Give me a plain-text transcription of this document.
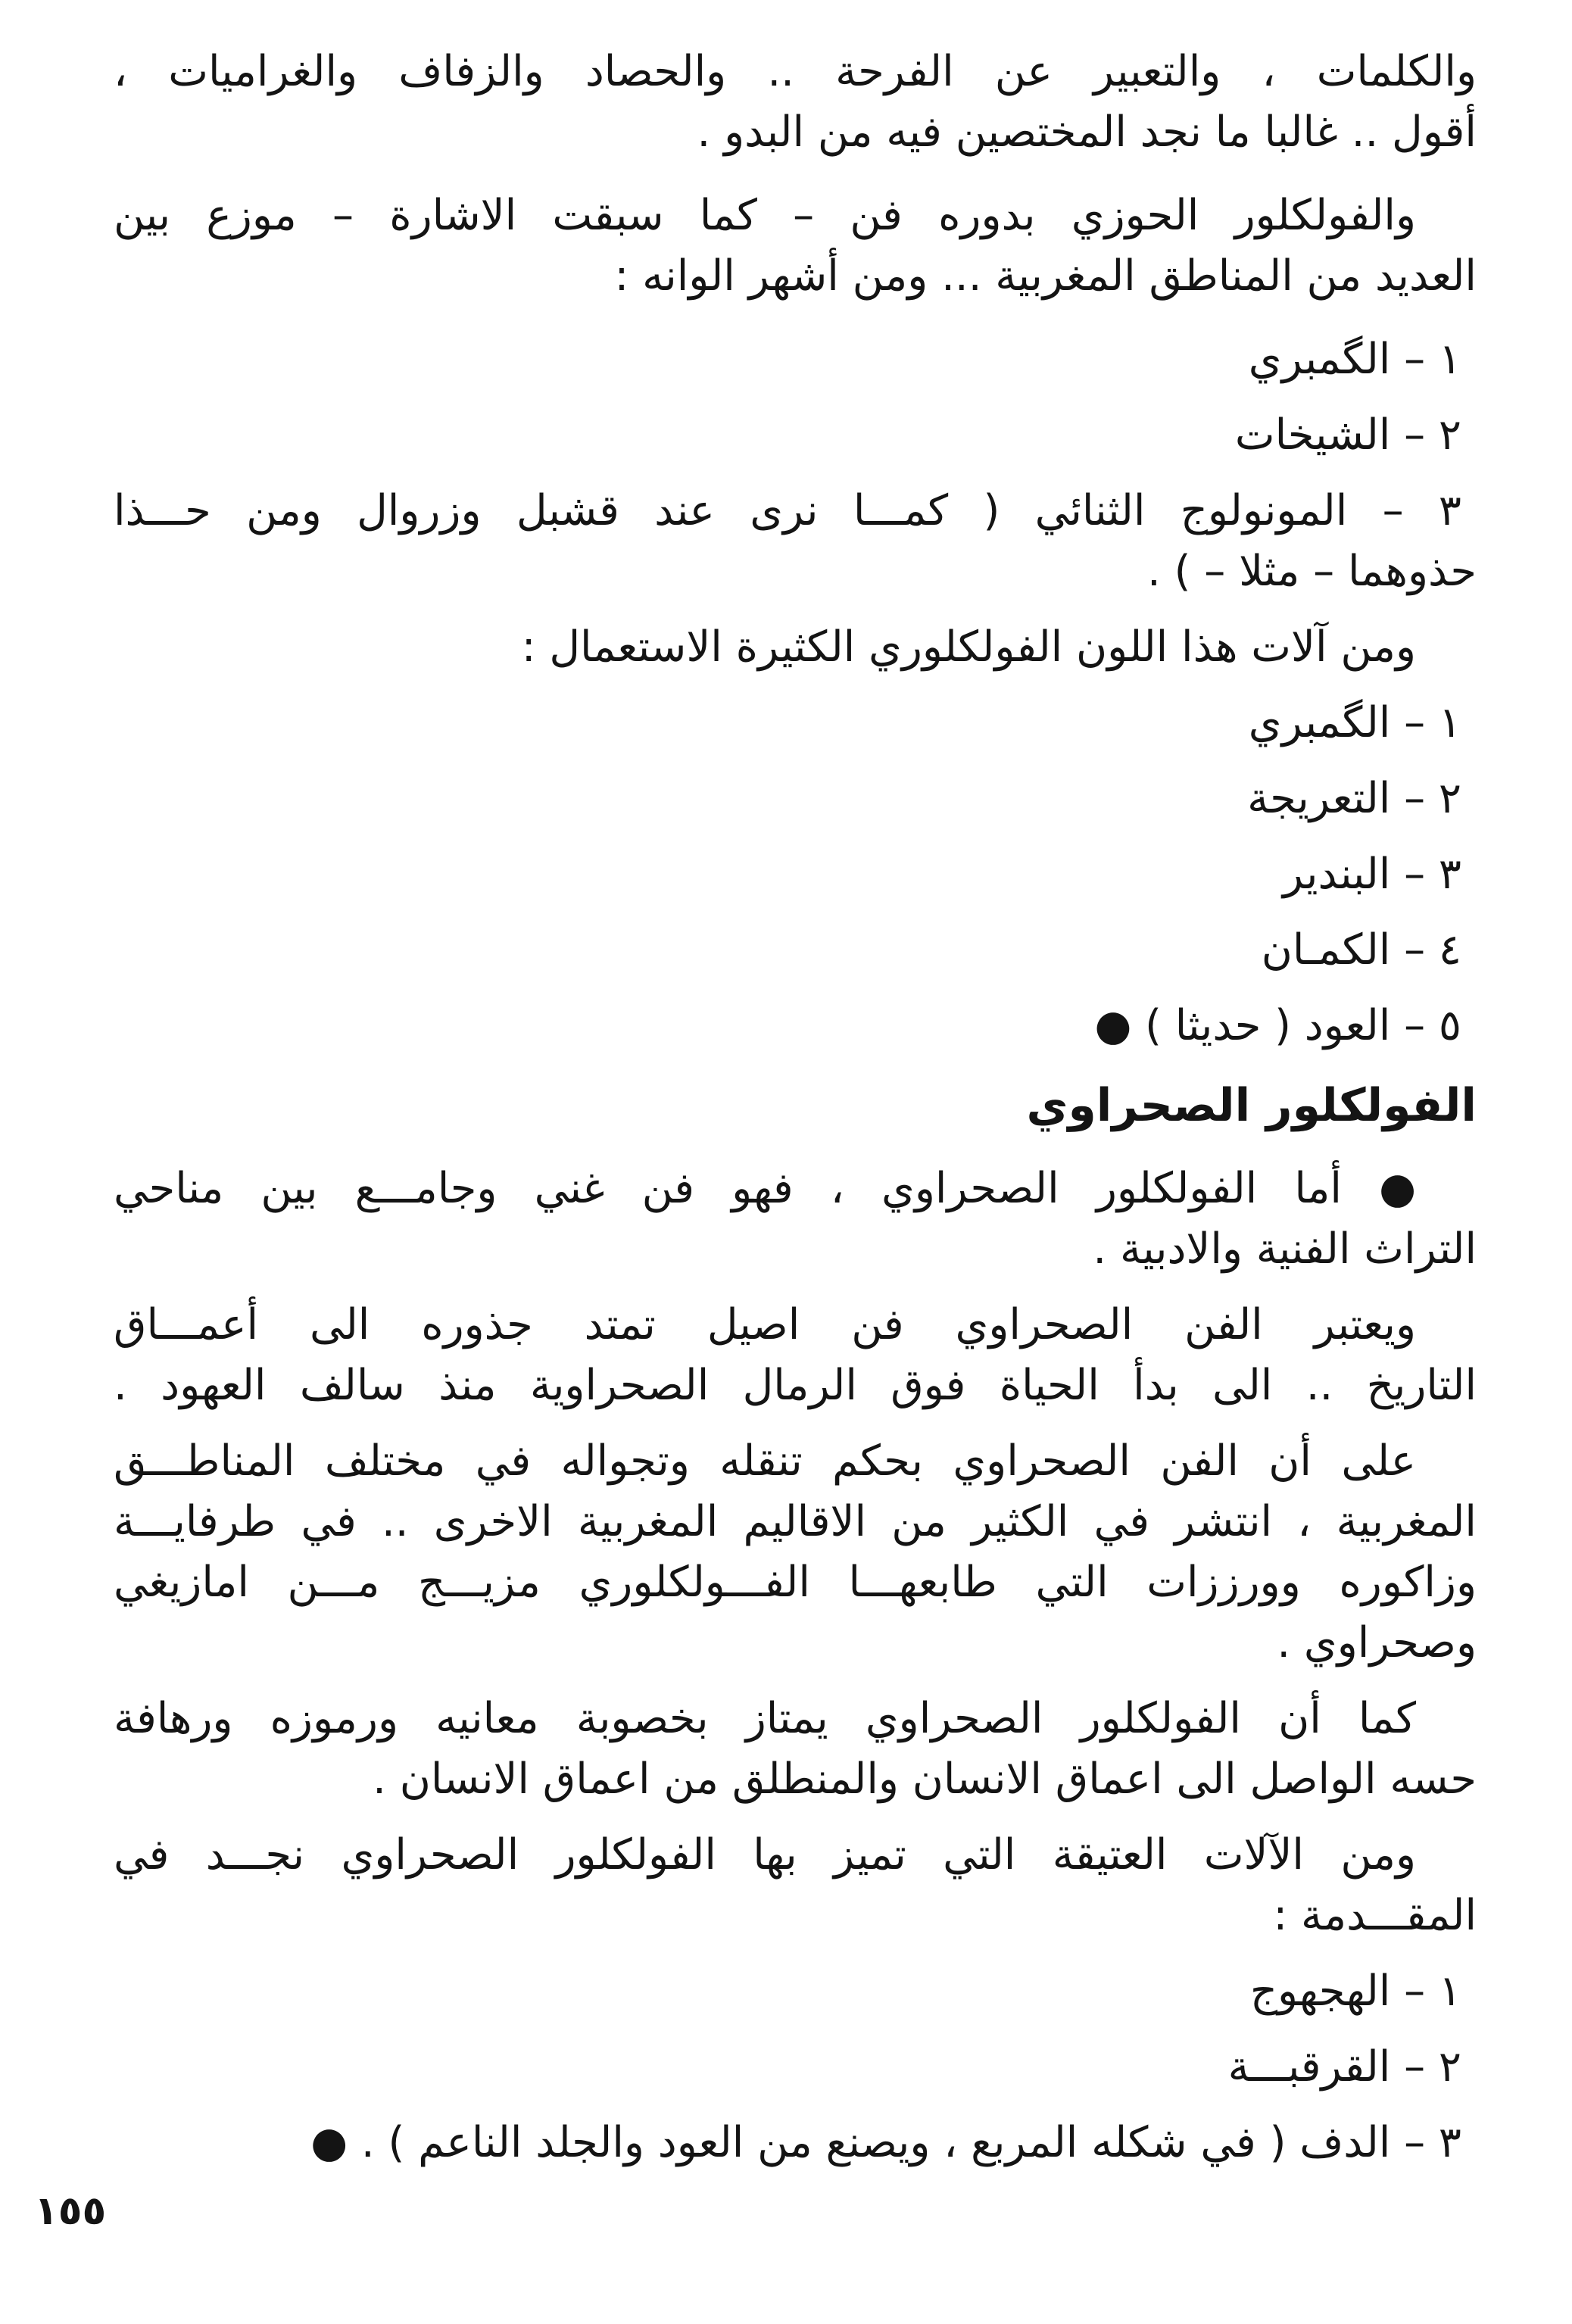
والكلمات ، والتعبير عن الفرحة .. والحصاد والزفاف والغراميات ،
أقول .. غالبا ما نجد المختصين فيه من البدو .
والفولكلور الحوزي بدوره فن – كما سبقت الاشارة – موزع بين
العديد من المناطق المغربية ... ومن أشهر الوانه :
١ – الگمبري
٢ – الشيخات
٣ – المونولوج الثنائي ( كمـــا نرى عند قشبل وزروال ومن حـــذا
حذوهما – مثلا – ) .
ومن آلات هذا اللون الفولكلوري الكثيرة الاستعمال :
١ – الگمبري
٢ – التعريجة
٣ – البندير
٤ – الكمـان
٥ – العود ( حديثا ) ●
الفولكلور الصحراوي
● أما الفولكلور الصحراوي ، فهو فن غني وجامـــع بين مناحي
التراث الفنية والادبية .
ويعتبر الفن الصحراوي فن اصيل تمتد جذوره الى أعمـــاق
التاريخ .. الى بدأ الحياة فوق الرمال الصحراوية منذ سالف العهود .
على أن الفن الصحراوي بحكم تنقله وتجواله في مختلف المناطـــق
المغربية ، انتشر في الكثير من الاقاليم المغربية الاخرى .. في طرفايـــة
وزاكوره وورززات التي طابعهـــا الفـــولكلوري مزيـــج مـــن امازيغي
وصحراوي .
كما أن الفولكلور الصحراوي يمتاز بخصوبة معانيه ورموزه ورهافة
حسه الواصل الى اعماق الانسان والمنطلق من اعماق الانسان .
ومن الآلات العتيقة التي تميز بها الفولكلور الصحراوي نجـــد في
المقـــدمة :
١ – الهجهوج
٢ – القرقبـــة
٣ – الدف ( في شكله المربع ، ويصنع من العود والجلد الناعم ) . ●
١٥٥
